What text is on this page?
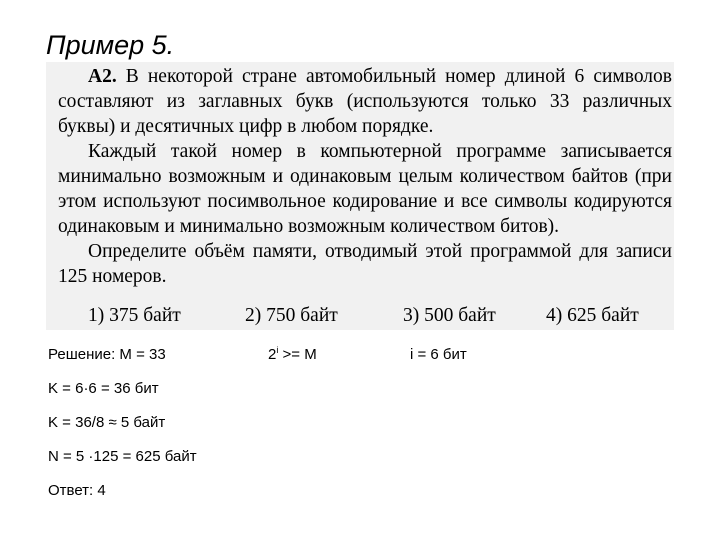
Пример 5.

А2. В некоторой стране автомобильный номер длиной 6 символов составляют из заглавных букв (используются только 33 различных буквы) и десятичных цифр в любом порядке.

Каждый такой номер в компьютерной программе записывается минимально возможным и одинаковым целым количеством байтов (при этом используют посимвольное кодирование и все символы кодируются одинаковым и минимально возможным количеством битов).

Определите объём памяти, отводимый этой программой для записи 125 номеров.

1) 375 байт	2) 750 байт	3) 500 байт	4) 625 байт
Решение: М = 33	$2^i >= M$	i = 6 бит
K = 6·6 = 36 бит
K = 36/8 ≈ 5 байт
N = 5 ·125 = 625 байт
Ответ: 4
